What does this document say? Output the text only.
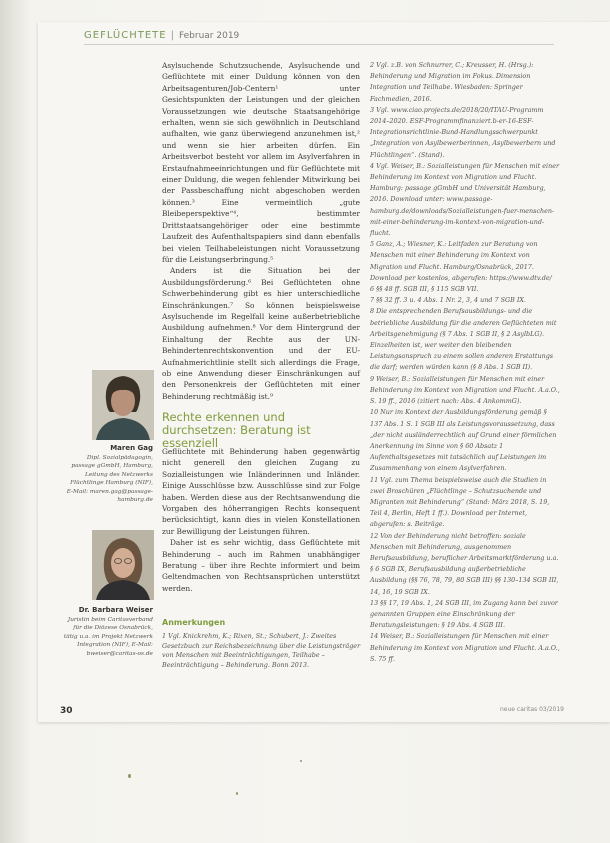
GEFLÜCHTETE | Februar 2019

Asylsuchende Schutzsuchende, Asylsuchende und Geflüchtete mit einer Duldung können von den Arbeitsagenturen/Job-Centern¹ unter Gesichtspunkten der Leistungen und der gleichen Voraussetzungen wie deutsche Staatsangehörige erhalten, wenn sie sich gewöhnlich in Deutschland aufhalten, wie ganz überwiegend anzunehmen ist,² und wenn sie hier arbeiten dürfen. Ein Arbeitsverbot besteht vor allem im Asylverfahren in Erstaufnahmeeinrichtungen und für Geflüchtete mit einer Duldung, die wegen fehlender Mitwirkung bei der Passbeschaffung nicht abgeschoben werden können.³ Eine vermeintlich „gute Bleibeperspektive“⁴, bestimmter Drittstaatsangehöriger oder eine bestimmte Laufzeit des Aufenthaltspapiers sind dann ebenfalls bei vielen Teilhabeleistungen nicht Voraussetzung für die Leistungserbringung.⁵

Anders ist die Situation bei der Ausbildungsförderung.⁶ Bei Geflüchteten ohne Schwerbehinderung gibt es hier unterschiedliche Einschränkungen.⁷ So können beispielsweise Asylsuchende im Regelfall keine außerbetriebliche Ausbildung aufnehmen.⁸ Vor dem Hintergrund der Einhaltung der Rechte aus der UN-Behindertenrechtskonvention und der EU-Aufnahmerichtlinie stellt sich allerdings die Frage, ob eine Anwendung dieser Einschränkungen auf den Personenkreis der Geflüchteten mit einer Behinderung rechtmäßig ist.⁹

Rechte erkennen und durchsetzen: Beratung ist essenziell

Geflüchtete mit Behinderung haben gegenwärtig nicht generell den gleichen Zugang zu Sozialleistungen wie Inländerinnen und Inländer. Einige Ausschlüsse bzw. Ausschlüsse sind zur Folge haben. Werden diese aus der Rechtsanwendung die Vorgaben des höherrangigen Rechts konsequent berücksichtigt, kann dies in vielen Konstellationen zur Bewilligung der Leistungen führen.

Daher ist es sehr wichtig, dass Geflüchtete mit Behinderung – auch im Rahmen unabhängiger Beratung – über ihre Rechte informiert und beim Geltendmachen von Rechtsansprüchen unterstützt werden.

Anmerkungen
1 Vgl. Knickrehm, K.; Rixen, St.; Schubert, J.: Zweites Gesetzbuch zur Reichsbezeichnung über die Leistungsträger von Menschen mit Beeinträchtigungen, Teilhabe – Beeinträchtigung – Behinderung. Bonn 2013.
2 Vgl. z.B. von Schnurrer, C.; Kreusser, H. (Hrsg.): Behinderung und Migration im Fokus. Dimension Integration und Teilhabe. Wiesbaden: Springer Fachmedien, 2016.
3 Vgl. www.ciao.projects.de/2018/20/ITAU-Programm 2014–2020. ESF-Programmfinanziert.b-er-16-ESF-Integrationsrichtlinie-Bund-Handlungsschwerpunkt „Integration von Asylbewerberinnen, Asylbewerbern und Flüchtlingen“. (Stand).
4 Vgl. Weiser, B.: Sozialleistungen für Menschen mit einer Behinderung im Kontext von Migration und Flucht. Hamburg: passage gGmbH und Universität Hamburg, 2016. Download unter: www.passage-hamburg.de/downloads/Sozialleistungen-fuer-menschen-mit-einer-behinderung-im-kontext-von-migration-und-flucht.
5 Ganz, A.; Wiesner, K.: Leitfaden zur Beratung von Menschen mit einer Behinderung im Kontext von Migration und Flucht. Hamburg/Osnabrück, 2017. Download per kostenlos, abgerufen: https://www.dtv.de/
6 §§ 48 ff. SGB III, § 115 SGB VII.
7 §§ 32 ff. 3 u. 4 Abs. 1 Nr. 2, 3, 4 und 7 SGB IX.
8 Die entsprechenden Berufsausbildungs- und die betriebliche Ausbildung für die anderen Geflüchteten mit Arbeitsgenehmigung (§ 7 Abs. 1 SGB II, § 2 AsylbLG). Einzelheiten ist, wer weiter den bleibenden Leistungsanspruch zu einem sollen anderen Erstattungs die darf; werden würden kann (§ 8 Abs. 1 SGB II).
9 Weiser, B.: Sozialleistungen für Menschen mit einer Behinderung im Kontext von Migration und Flucht. A.a.O., S. 19 ff., 2016 (zitiert nach: Abs. 4 AnkommG).
10 Nur im Kontext der Ausbildungsförderung gemäß § 137 Abs. 1 S. 1 SGB III als Leistungsvoraussetzung, dass „der nicht ausländerrechtlich auf Grund einer förmlichen Anerkennung im Sinne von § 60 Absatz 1 Aufenthaltsgesetzes mit tatsächlich auf Leistungen im Zusammenhang von einem Asylverfahren.
11 Vgl. zum Thema beispielsweise auch die Studien in zwei Broschüren „Flüchtlinge – Schutzsuchende und Migranten mit Behinderung“ (Stand: März 2018, S. 19, Teil 4, Berlin, Heft 1 ff.). Download per Internet, abgerufen: s. Beiträge.
12 Von der Behinderung nicht betroffen: soziale Menschen mit Behinderung, ausgenommen Berufsausbildung, beruflicher Arbeitsmarktförderung u.a. § 6 SGB IX, Berufsausbildung außerbetriebliche Ausbildung (§§ 76, 78, 79, 80 SGB III) §§ 130–134 SGB III, 14, 16, 19 SGB IX.
13 §§ 17, 19 Abs. 1, 24 SGB III, im Zugang kann bei zuvor genannten Gruppen eine Einschränkung der Beratungsleistungen: § 19 Abs. 4 SGB III.
14 Weiser, B.: Sozialleistungen für Menschen mit einer Behinderung im Kontext von Migration und Flucht. A.a.O., S. 75 ff.
Maren Gag
Dipl. Sozialpädagogin, passage gGmbH, Hamburg, Leitung des Netzwerks Flüchtlinge Hamburg (NIF), E-Mail: maren.gag@passage-hamburg.de
Dr. Barbara Weiser
Juristin beim Caritasverband für die Diözese Osnabrück, tätig u.a. im Projekt Netzwerk Integration (NIF), E-Mail: bweiser@caritas-os.de
30	neue caritas 03/2019
